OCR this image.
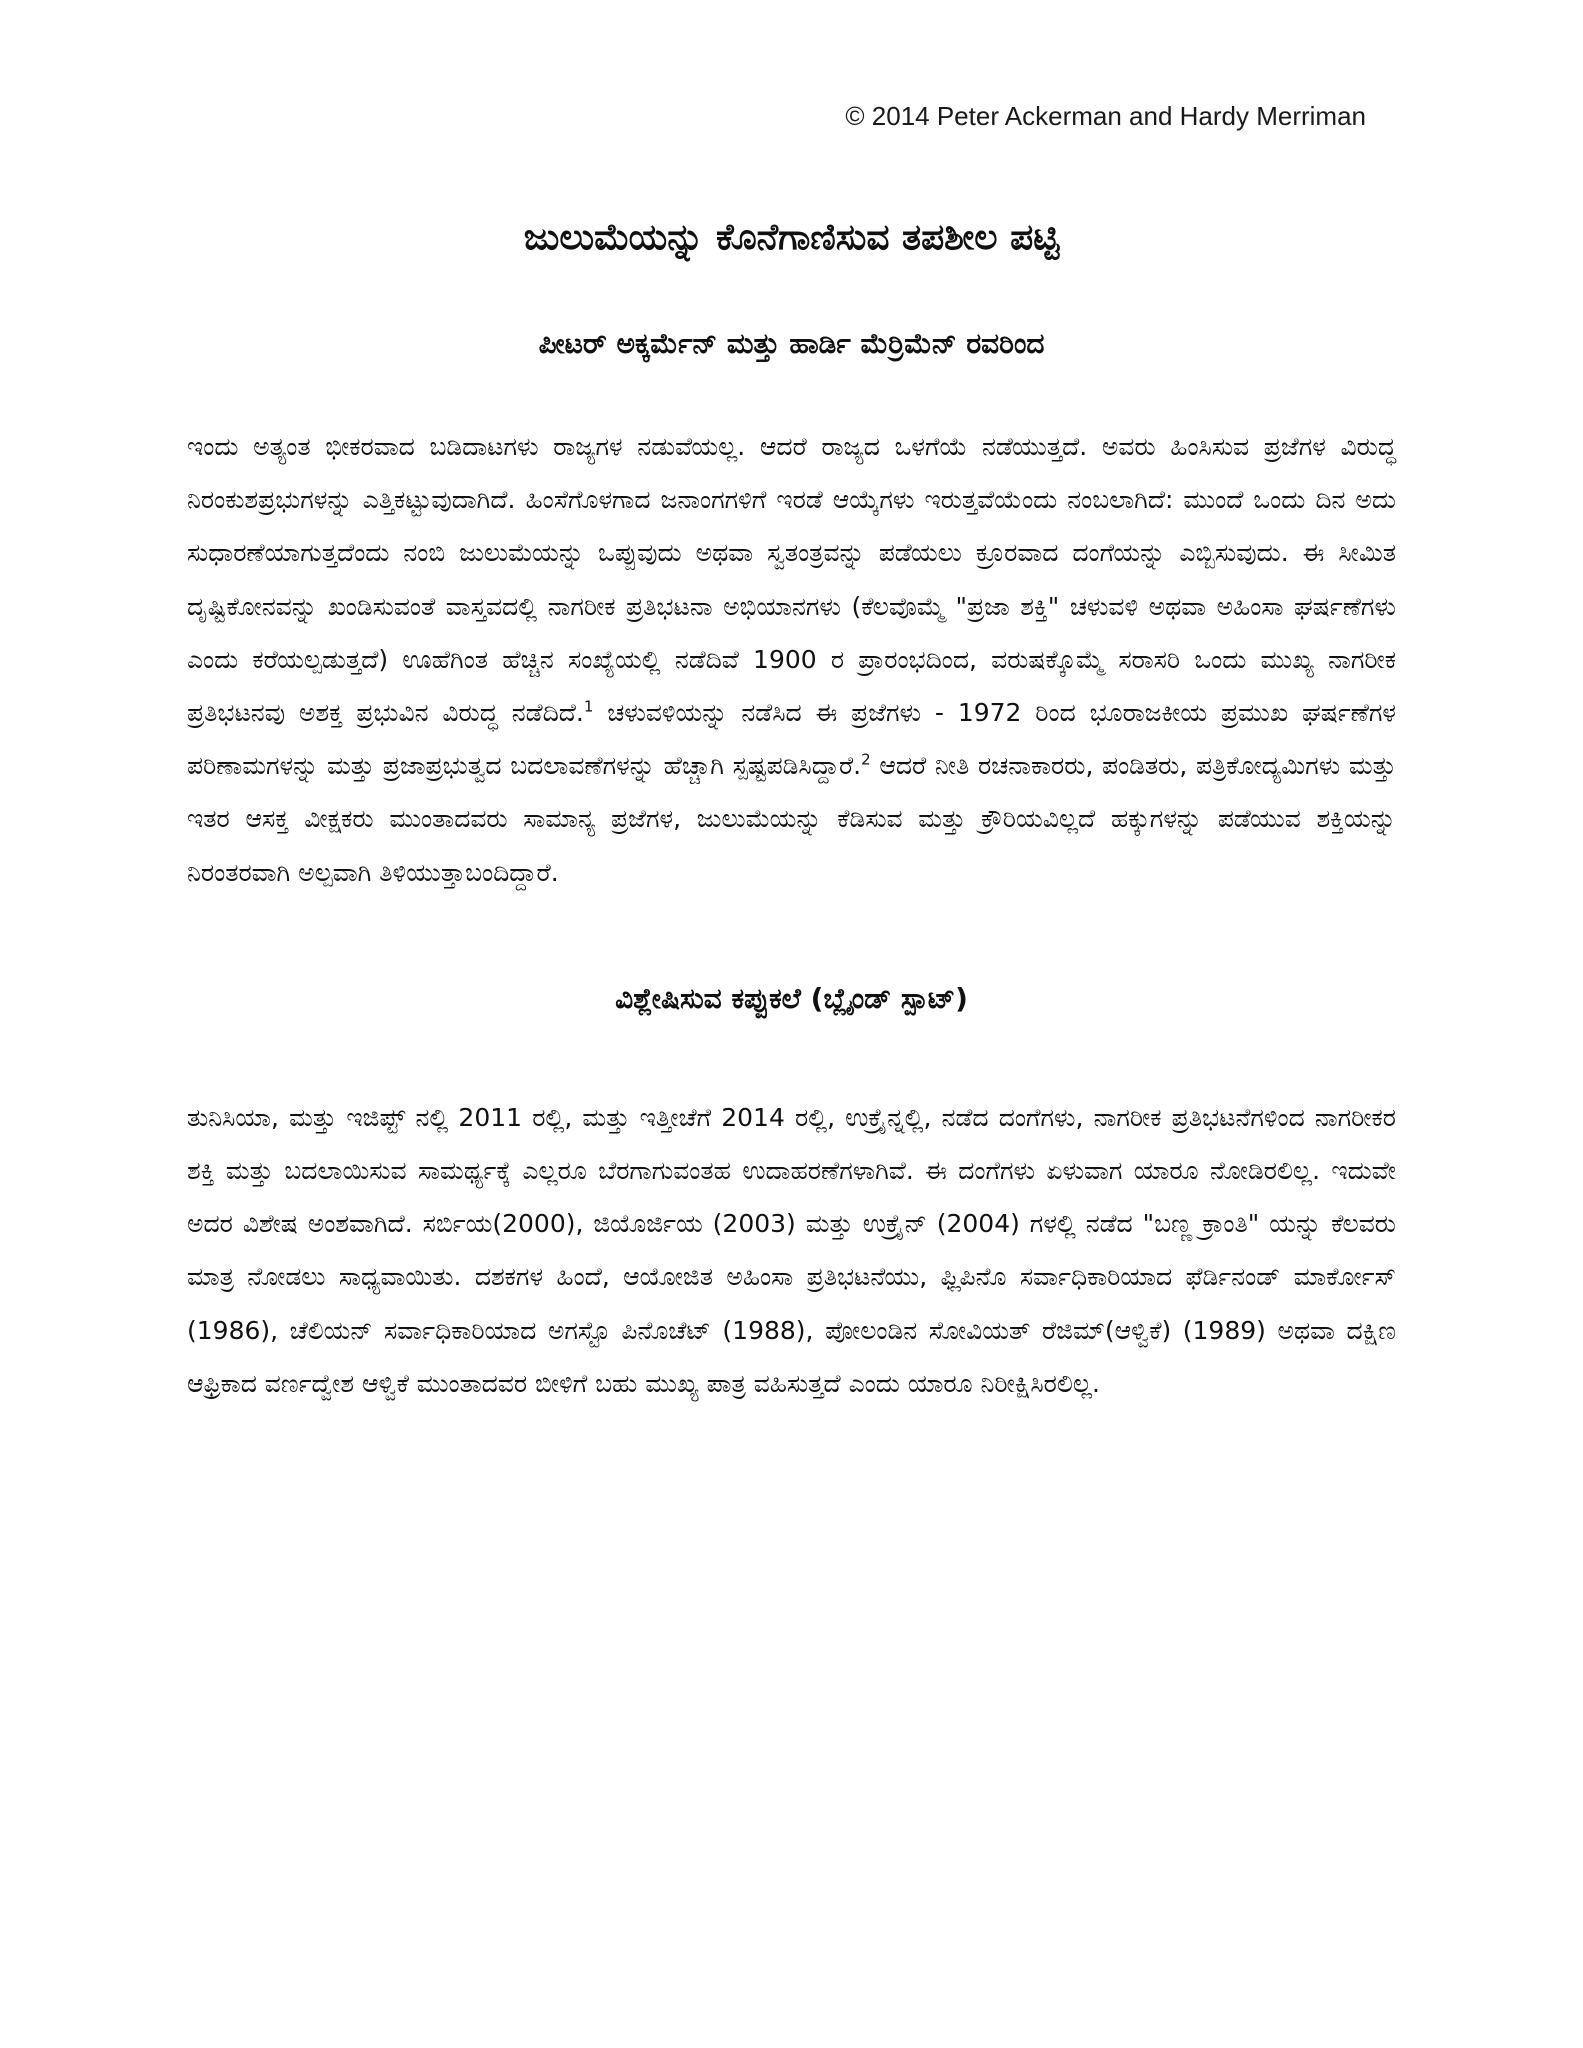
© 2014 Peter Ackerman and Hardy Merriman
ಜುಲುಮೆಯನ್ನು ಕೊನೆಗಾಣಿಸುವ ತಪಶೀಲ ಪಟ್ಟಿ
ಪೀಟರ್ ಅಕ್ಕರ್ಮೆನ್ ಮತ್ತು ಹಾರ್ಡಿ ಮೆರ್ರಿಮೆನ್ ರವರಿಂದ

ಇಂದು ಅತ್ಯಂತ ಭೀಕರವಾದ ಬಡಿದಾಟಗಳು ರಾಜ್ಯಗಳ ನಡುವೆಯಲ್ಲ. ಆದರೆ ರಾಜ್ಯದ ಒಳಗೆಯೆ ನಡೆಯುತ್ತದೆ. ಅವರು ಹಿಂಸಿಸುವ ಪ್ರಜೆಗಳ ವಿರುದ್ಧ ನಿರಂಕುಶಪ್ರಭುಗಳನ್ನು ಎತ್ತಿಕಟ್ಟುವುದಾಗಿದೆ. ಹಿಂಸೆಗೊಳಗಾದ ಜನಾಂಗಗಳಿಗೆ ಇರಡೆ ಆಯ್ಕೆಗಳು ಇರುತ್ತವೆಯೆಂದು ನಂಬಲಾಗಿದೆ: ಮುಂದೆ ಒಂದು ದಿನ ಅದು ಸುಧಾರಣೆಯಾಗುತ್ತದೆಂದು ನಂಬಿ ಜುಲುಮೆಯನ್ನು ಒಪ್ಪುವುದು ಅಥವಾ ಸ್ವತಂತ್ರವನ್ನು ಪಡೆಯಲು ಕ್ರೂರವಾದ ದಂಗೆಯನ್ನು ಎಬ್ಬಿಸುವುದು. ಈ ಸೀಮಿತ ದೃಷ್ಟಿಕೋನವನ್ನು ಖಂಡಿಸುವಂತೆ ವಾಸ್ತವದಲ್ಲಿ ನಾಗರೀಕ ಪ್ರತಿಭಟನಾ ಅಭಿಯಾನಗಳು (ಕೆಲವೊಮ್ಮೆ "ಪ್ರಜಾ ಶಕ್ತಿ" ಚಳುವಳಿ ಅಥವಾ ಅಹಿಂಸಾ ಘರ್ಷಣೆಗಳು ಎಂದು ಕರೆಯಲ್ಪಡುತ್ತದೆ) ಊಹೆಗಿಂತ ಹೆಚ್ಚಿನ ಸಂಖ್ಯೆಯಲ್ಲಿ ನಡೆದಿವೆ 1900 ರ ಪ್ರಾರಂಭದಿಂದ, ವರುಷಕ್ಕೊಮ್ಮೆ ಸರಾಸರಿ ಒಂದು ಮುಖ್ಯ ನಾಗರೀಕ ಪ್ರತಿಭಟನವು ಅಶಕ್ತ ಪ್ರಭುವಿನ ವಿರುದ್ಧ ನಡೆದಿದೆ.$^1$ ಚಳುವಳಿಯನ್ನು ನಡೆಸಿದ ಈ ಪ್ರಜೆಗಳು - 1972 ರಿಂದ ಭೂರಾಜಕೀಯ ಪ್ರಮುಖ ಘರ್ಷಣೆಗಳ ಪರಿಣಾಮಗಳನ್ನು ಮತ್ತು ಪ್ರಜಾಪ್ರಭುತ್ವದ ಬದಲಾವಣೆಗಳನ್ನು ಹೆಚ್ಚಾಗಿ ಸ್ಪಷ್ಟಪಡಿಸಿದ್ದಾರೆ.$^2$ ಆದರೆ ನೀತಿ ರಚನಾಕಾರರು, ಪಂಡಿತರು, ಪತ್ರಿಕೋದ್ಯಮಿಗಳು ಮತ್ತು ಇತರ ಆಸಕ್ತ ವೀಕ್ಷಕರು ಮುಂತಾದವರು ಸಾಮಾನ್ಯ ಪ್ರಜೆಗಳ, ಜುಲುಮೆಯನ್ನು ಕೆಡಿಸುವ ಮತ್ತು ಕ್ರೌರಿಯವಿಲ್ಲದೆ ಹಕ್ಕುಗಳನ್ನು ಪಡೆಯುವ ಶಕ್ತಿಯನ್ನು ನಿರಂತರವಾಗಿ ಅಲ್ಪವಾಗಿ ತಿಳಿಯುತ್ತಾಬಂದಿದ್ದಾರೆ.

ವಿಶ್ಲೇಷಿಸುವ ಕಪ್ಪುಕಲೆ (ಬ್ಲೈಂಡ್ ಸ್ಪಾಟ್)

ತುನಿಸಿಯಾ, ಮತ್ತು ಇಜಿಪ್ಟ್ ನಲ್ಲಿ 2011 ರಲ್ಲಿ, ಮತ್ತು ಇತ್ತೀಚೆಗೆ 2014 ರಲ್ಲಿ, ಉಕ್ರೈನ್ನಲ್ಲಿ, ನಡೆದ ದಂಗೆಗಳು, ನಾಗರೀಕ ಪ್ರತಿಭಟನೆಗಳಿಂದ ನಾಗರೀಕರ ಶಕ್ತಿ ಮತ್ತು ಬದಲಾಯಿಸುವ ಸಾಮರ್ಥ್ಯಕ್ಕೆ ಎಲ್ಲರೂ ಬೆರಗಾಗುವಂತಹ ಉದಾಹರಣೆಗಳಾಗಿವೆ. ಈ ದಂಗೆಗಳು ಏಳುವಾಗ ಯಾರೂ ನೋಡಿರಲಿಲ್ಲ. ಇದುವೇ ಅದರ ವಿಶೇಷ ಅಂಶವಾಗಿದೆ. ಸರ್ಬಿಯ(2000), ಜಿಯೊರ್ಜಿಯ (2003) ಮತ್ತು ಉಕ್ರೈನ್ (2004) ಗಳಲ್ಲಿ ನಡೆದ "ಬಣ್ಣ ಕ್ರಾಂತಿ" ಯನ್ನು ಕೆಲವರು ಮಾತ್ರ ನೋಡಲು ಸಾಧ್ಯವಾಯಿತು. ದಶಕಗಳ ಹಿಂದೆ, ಆಯೋಜಿತ ಅಹಿಂಸಾ ಪ್ರತಿಭಟನೆಯು, ಫ್ಲಿಪಿನೊ ಸರ್ವಾಧಿಕಾರಿಯಾದ ಫೆರ್ಡಿನಂಡ್ ಮಾರ್ಕೋಸ್ (1986), ಚೆಲಿಯನ್ ಸರ್ವಾಧಿಕಾರಿಯಾದ ಅಗಸ್ಟೊ ಪಿನೊಚೆಟ್ (1988), ಪೋಲಂಡಿನ ಸೋವಿಯತ್ ರೆಜಿಮ್(ಆಳ್ವಿಕೆ) (1989) ಅಥವಾ ದಕ್ಷಿಣ ಆಫ್ರಿಕಾದ ವರ್ಣದ್ವೇಶ ಆಳ್ವಿಕೆ ಮುಂತಾದವರ ಬೀಳಿಗೆ ಬಹು ಮುಖ್ಯ ಪಾತ್ರ ವಹಿಸುತ್ತದೆ ಎಂದು ಯಾರೂ ನಿರೀಕ್ಷಿಸಿರಲಿಲ್ಲ.
